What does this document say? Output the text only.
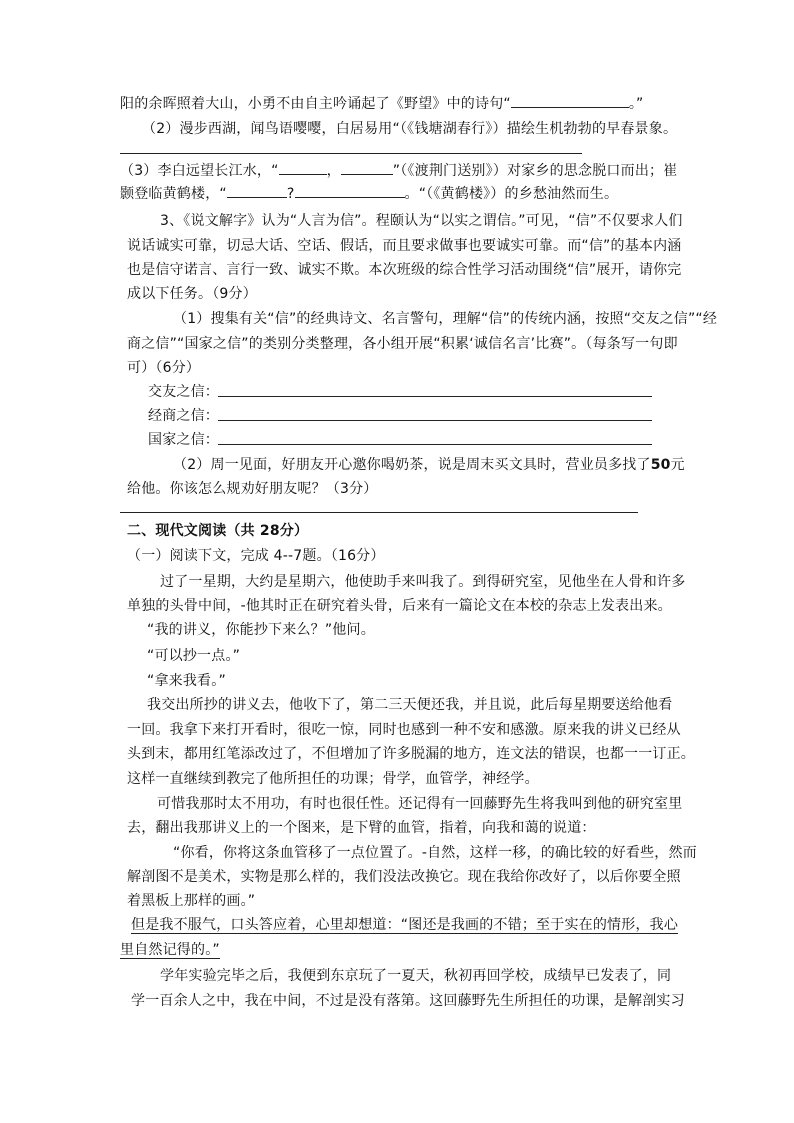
阳的余晖照着大山，小勇不由自主吟诵起了《野望》中的诗句“	。”
（2）漫步西湖，闻鸟语嘤嘤，白居易用“（《钱塘湖春行》）描绘生机勃勃的早春景象。
（3）李白远望长江水，“	，	”（《渡荆门送别》）对家乡的思念脱口而出；崔
颢登临黄鹤楼，“	?	。“（《黄鹤楼》）的乡愁油然而生。
3、《说文解字》认为“人言为信”。程颐认为“以实之谓信。”可见，“信”不仅要求人们
说话诚实可靠，切忌大话、空话、假话，而且要求做事也要诚实可靠。而“信”的基本内涵
也是信守诺言、言行一致、诚实不欺。本次班级的综合性学习活动围绕“信”展开，请你完
成以下任务。（9分）
（1）搜集有关“信”的经典诗文、名言警句，理解“信”的传统内涵，按照“交友之信”“经
商之信”“国家之信”的类别分类整理，各小组开展“积累‘诚信名言’比赛”。（每条写一句即
可）（6分）
交友之信：
经商之信：
国家之信：
（2）周一见面，好朋友开心邀你喝奶茶，说是周末买文具时，营业员多找了50元
给他。你该怎么规劝好朋友呢？（3分）
二、现代文阅读（共 28分）
（一）阅读下文，完成 4--7题。（16分）
过了一星期，大约是星期六，他使助手来叫我了。到得研究室，见他坐在人骨和许多
单独的头骨中间，-他其时正在研究着头骨，后来有一篇论文在本校的杂志上发表出来。
“我的讲义，你能抄下来么？”他问。
“可以抄一点。”
“拿来我看。”
我交出所抄的讲义去，他收下了，第二三天便还我，并且说，此后每星期要送给他看
一回。我拿下来打开看时，很吃一惊，同时也感到一种不安和感激。原来我的讲义已经从
头到末，都用红笔添改过了，不但增加了许多脱漏的地方，连文法的错误，也都一一订正。
这样一直继续到教完了他所担任的功课；骨学，血管学，神经学。
可惜我那时太不用功，有时也很任性。还记得有一回藤野先生将我叫到他的研究室里
去，翻出我那讲义上的一个图来，是下臂的血管，指着，向我和蔼的说道：
“你看，你将这条血管移了一点位置了。-自然，这样一移，的确比较的好看些，然而
解剖图不是美术，实物是那么样的，我们没法改换它。现在我给你改好了，以后你要全照
着黑板上那样的画。”
但是我不服气，口头答应着，心里却想道：“图还是我画的不错；至于实在的情形，我心
里自然记得的。”
学年实验完毕之后，我便到东京玩了一夏天，秋初再回学校，成绩早已发表了，同
学一百余人之中，我在中间，不过是没有落第。这回藤野先生所担任的功课，是解剖实习
